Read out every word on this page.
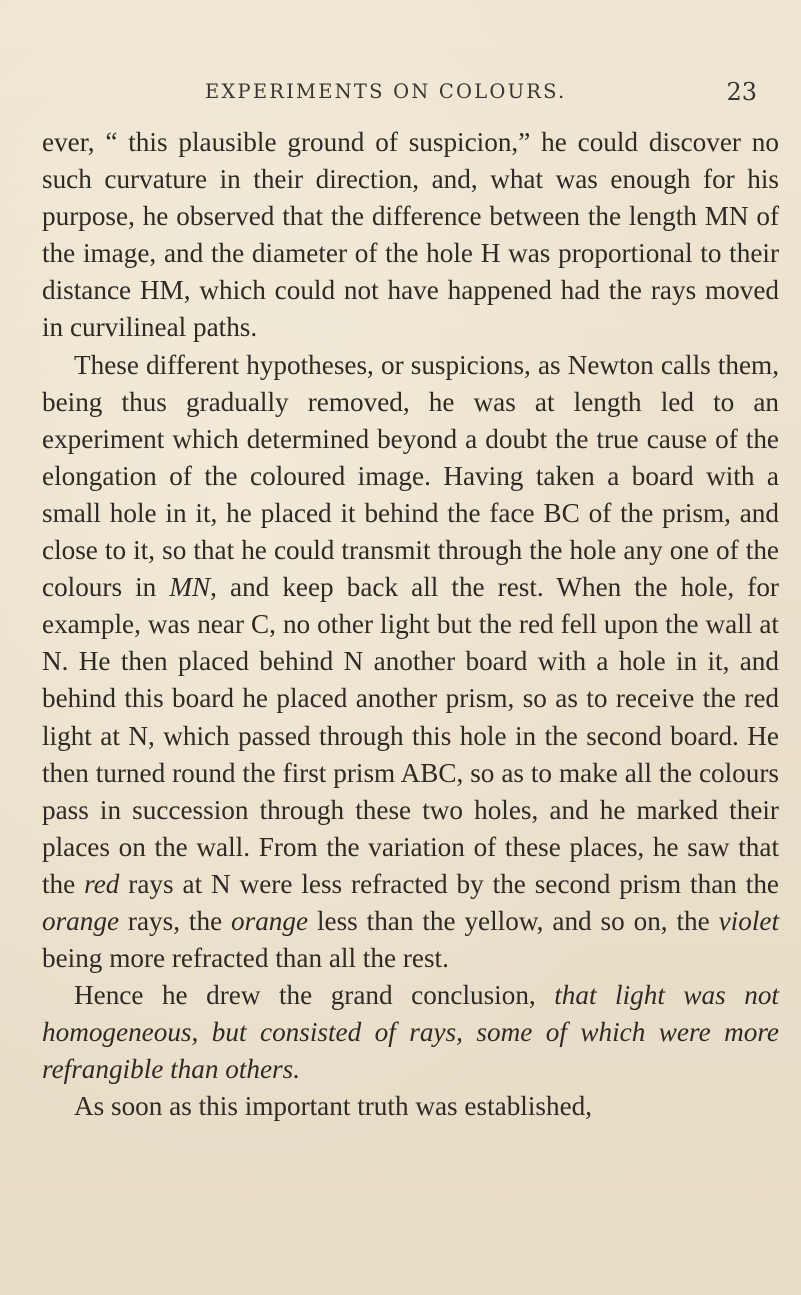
EXPERIMENTS ON COLOURS.	23

ever, “ this plausible ground of suspicion,” he could discover no such curvature in their direction, and, what was enough for his purpose, he observed that the difference between the length MN of the image, and the diameter of the hole H was proportional to their distance HM, which could not have happened had the rays moved in curvilineal paths.

These different hypotheses, or suspicions, as Newton calls them, being thus gradually removed, he was at length led to an experiment which determined beyond a doubt the true cause of the elongation of the coloured image. Having taken a board with a small hole in it, he placed it behind the face BC of the prism, and close to it, so that he could transmit through the hole any one of the colours in MN, and keep back all the rest. When the hole, for example, was near C, no other light but the red fell upon the wall at N. He then placed behind N another board with a hole in it, and behind this board he placed another prism, so as to receive the red light at N, which passed through this hole in the second board. He then turned round the first prism ABC, so as to make all the colours pass in succession through these two holes, and he marked their places on the wall. From the variation of these places, he saw that the red rays at N were less refracted by the second prism than the orange rays, the orange less than the yellow, and so on, the violet being more refracted than all the rest.

Hence he drew the grand conclusion, that light was not homogeneous, but consisted of rays, some of which were more refrangible than others.

As soon as this important truth was established,
